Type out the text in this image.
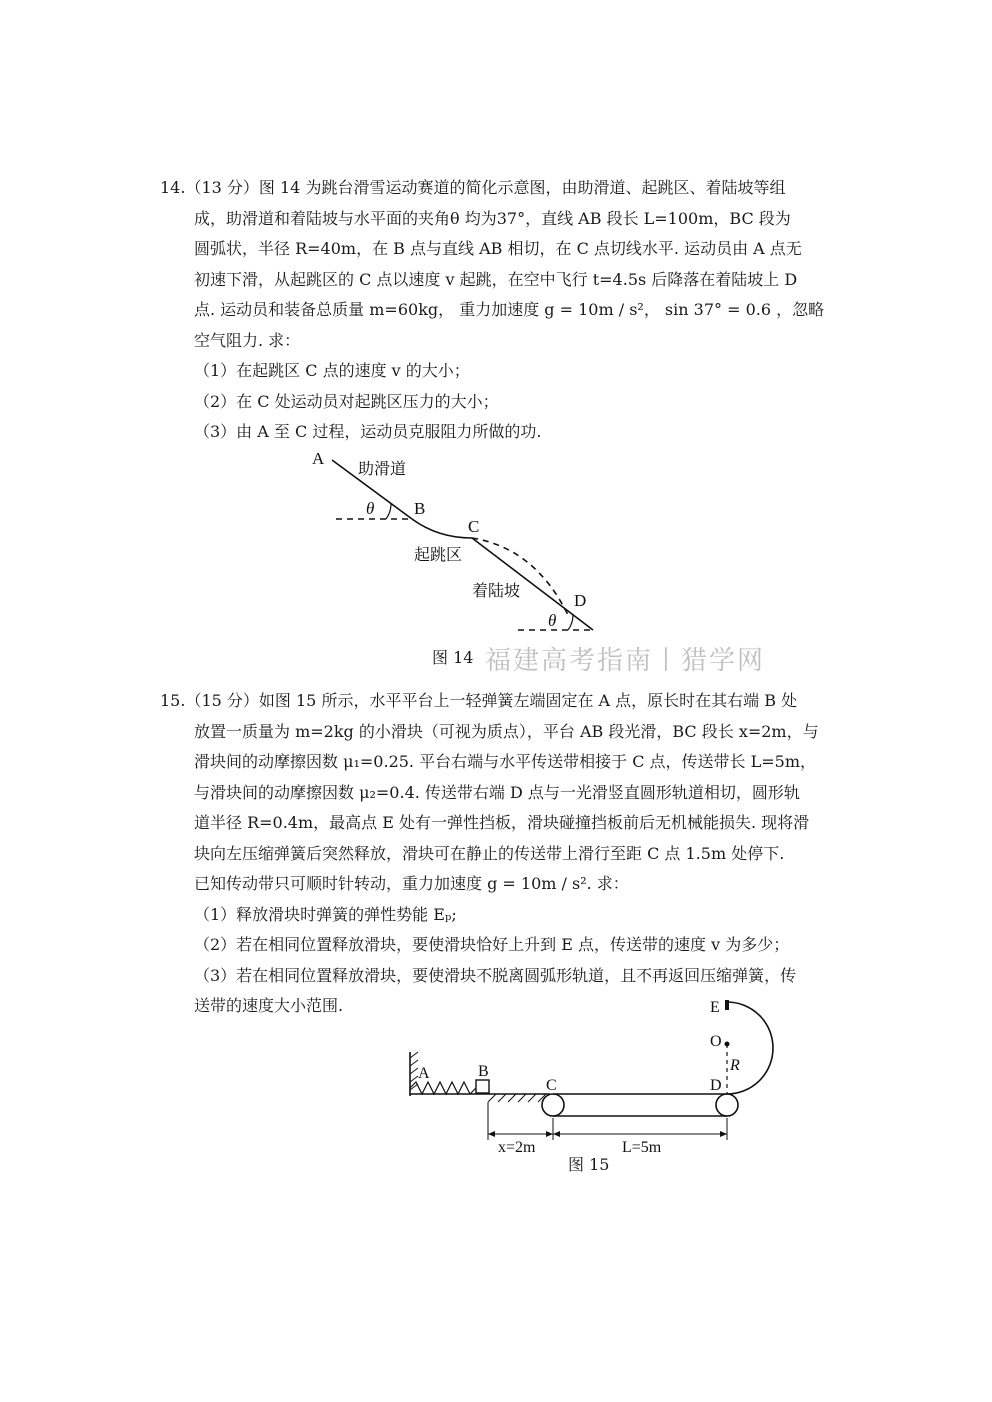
14.（13 分）图 14 为跳台滑雪运动赛道的简化示意图，由助滑道、起跳区、着陆坡等组
成，助滑道和着陆坡与水平面的夹角θ 均为37°，直线 AB 段长 L=100m，BC 段为
圆弧状，半径 R=40m，在 B 点与直线 AB 相切，在 C 点切线水平. 运动员由 A 点无
初速下滑，从起跳区的 C 点以速度 v 起跳，在空中飞行 t=4.5s 后降落在着陆坡上 D
点. 运动员和装备总质量 m=60kg， 重力加速度 g = 10m / s²， sin 37° = 0.6 ，忽略
空气阻力. 求：
（1）在起跳区 C 点的速度 v 的大小；
（2）在 C 处运动员对起跳区压力的大小；
（3）由 A 至 C 过程，运动员克服阻力所做的功.
A
B
C
D
θ
θ
助滑道
起跳区
着陆坡
图 14 福建高考指南丨猎学网
15.（15 分）如图 15 所示，水平平台上一轻弹簧左端固定在 A 点，原长时在其右端 B 处
放置一质量为 m=2kg 的小滑块（可视为质点），平台 AB 段光滑，BC 段长 x=2m，与
滑块间的动摩擦因数 μ₁=0.25. 平台右端与水平传送带相接于 C 点，传送带长 L=5m，
与滑块间的动摩擦因数 μ₂=0.4. 传送带右端 D 点与一光滑竖直圆形轨道相切，圆形轨
道半径 R=0.4m，最高点 E 处有一弹性挡板，滑块碰撞挡板前后无机械能损失. 现将滑
块向左压缩弹簧后突然释放，滑块可在静止的传送带上滑行至距 C 点 1.5m 处停下.
已知传动带只可顺时针转动，重力加速度 g = 10m / s². 求：
（1）释放滑块时弹簧的弹性势能 Eₚ;
（2）若在相同位置释放滑块，要使滑块恰好上升到 E 点，传送带的速度 v 为多少；
（3）若在相同位置释放滑块，要使滑块不脱离圆弧形轨道，且不再返回压缩弹簧，传
送带的速度大小范围.
A	B
C	D
E
O
R
x=2m	L=5m
图 15
